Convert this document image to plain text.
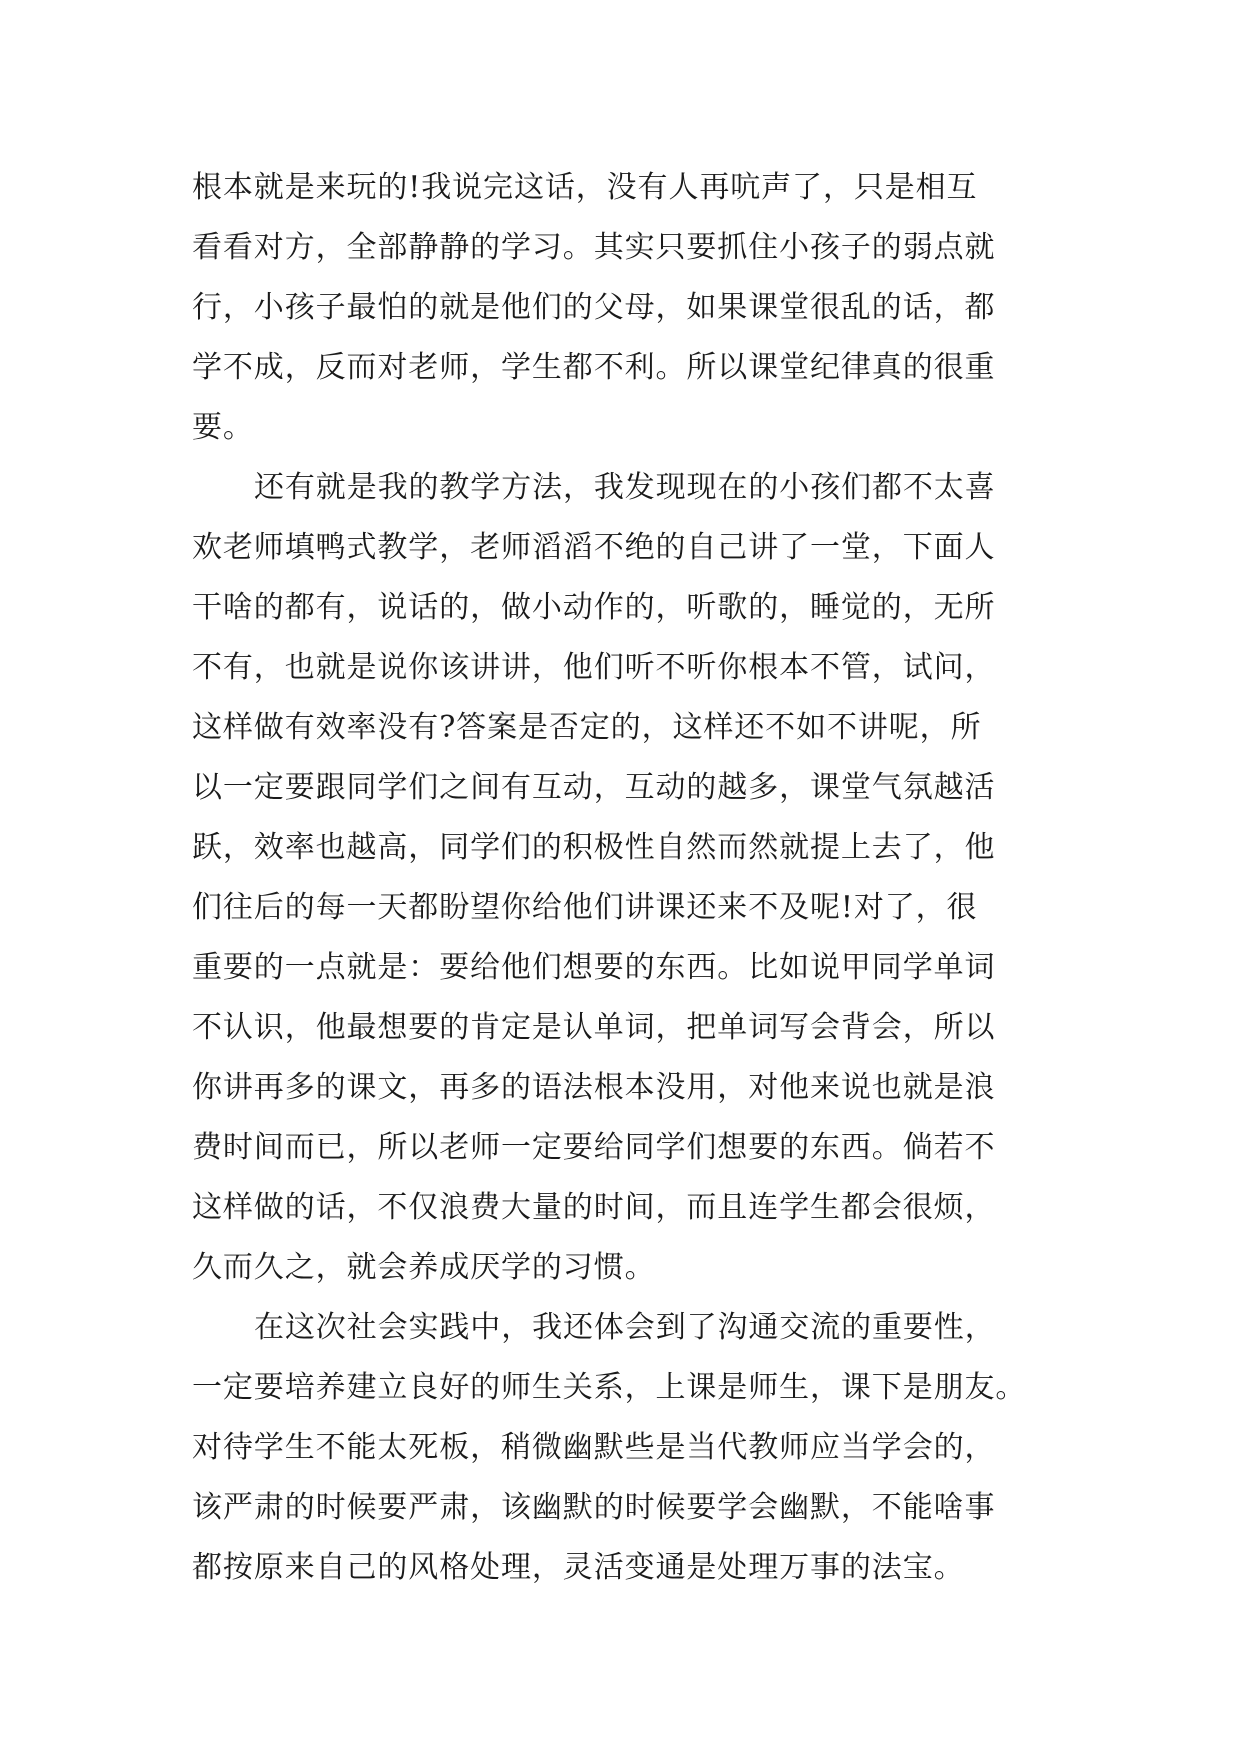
根本就是来玩的!我说完这话，没有人再吭声了，只是相互
看看对方，全部静静的学习。其实只要抓住小孩子的弱点就
行，小孩子最怕的就是他们的父母，如果课堂很乱的话，都
学不成，反而对老师，学生都不利。所以课堂纪律真的很重
要。
还有就是我的教学方法，我发现现在的小孩们都不太喜
欢老师填鸭式教学，老师滔滔不绝的自己讲了一堂，下面人
干啥的都有，说话的，做小动作的，听歌的，睡觉的，无所
不有，也就是说你该讲讲，他们听不听你根本不管，试问，
这样做有效率没有?答案是否定的，这样还不如不讲呢，所
以一定要跟同学们之间有互动，互动的越多，课堂气氛越活
跃，效率也越高，同学们的积极性自然而然就提上去了，他
们往后的每一天都盼望你给他们讲课还来不及呢!对了，很
重要的一点就是：要给他们想要的东西。比如说甲同学单词
不认识，他最想要的肯定是认单词，把单词写会背会，所以
你讲再多的课文，再多的语法根本没用，对他来说也就是浪
费时间而已，所以老师一定要给同学们想要的东西。倘若不
这样做的话，不仅浪费大量的时间，而且连学生都会很烦，
久而久之，就会养成厌学的习惯。
在这次社会实践中，我还体会到了沟通交流的重要性，
一定要培养建立良好的师生关系，上课是师生，课下是朋友。
对待学生不能太死板，稍微幽默些是当代教师应当学会的，
该严肃的时候要严肃，该幽默的时候要学会幽默，不能啥事
都按原来自己的风格处理，灵活变通是处理万事的法宝。
